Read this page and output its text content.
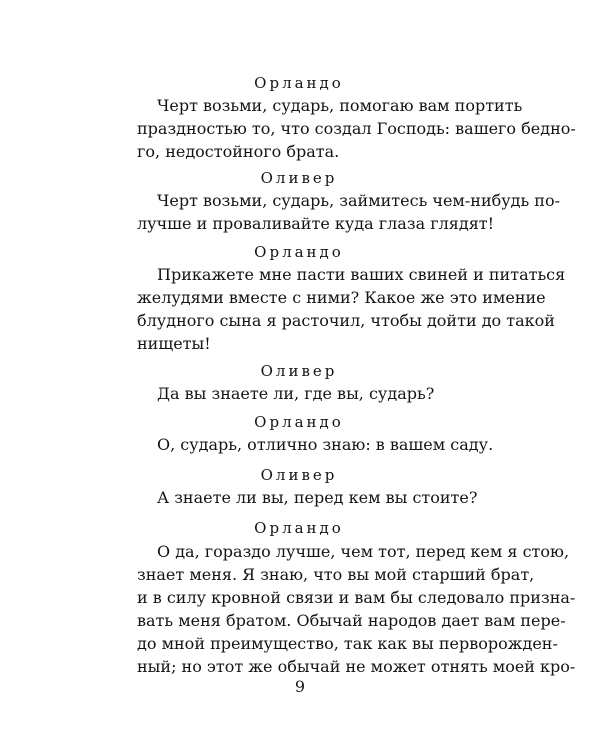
Орландо
Черт возьми, сударь, помогаю вам портить
праздностью то, что создал Господь: вашего бедно-
го, недостойного брата.
Оливер
Черт возьми, сударь, займитесь чем-нибудь по-
лучше и проваливайте куда глаза глядят!
Орландо
Прикажете мне пасти ваших свиней и питаться
желудями вместе с ними? Какое же это имение
блудного сына я расточил, чтобы дойти до такой
нищеты!
Оливер
Да вы знаете ли, где вы, сударь?
Орландо
О, сударь, отлично знаю: в вашем саду.
Оливер
А знаете ли вы, перед кем вы стоите?
Орландо
О да, гораздо лучше, чем тот, перед кем я стою,
знает меня. Я знаю, что вы мой старший брат,
и в силу кровной связи и вам бы следовало призна-
вать меня братом. Обычай народов дает вам пере-
до мной преимущество, так как вы перворожден-
ный; но этот же обычай не может отнять моей кро-
9
